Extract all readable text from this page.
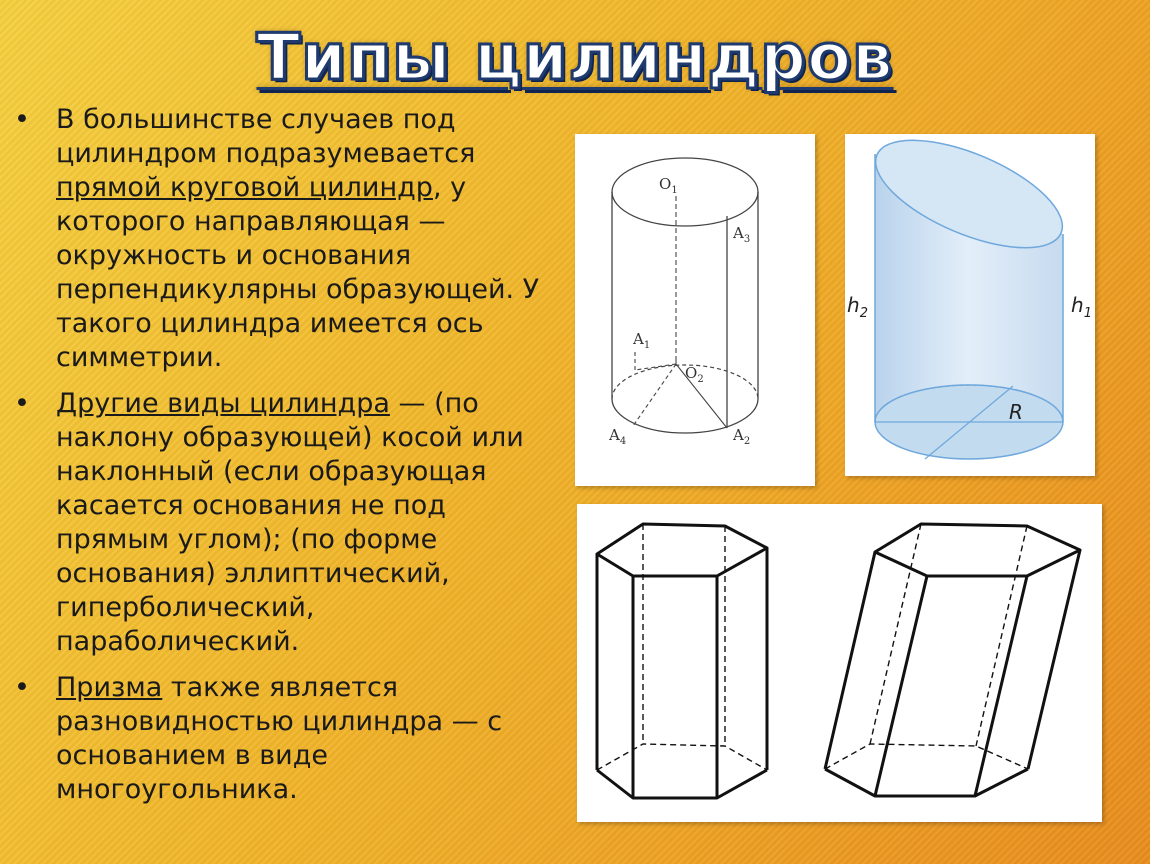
Типы цилиндров
• В большинстве случаев под цилиндром подразумевается прямой круговой цилиндр, у которого направляющая — окружность и основания перпендикулярны образующей. У такого цилиндра имеется ось симметрии.
• Другие виды цилиндра — (по наклону образующей) косой или наклонный (если образующая касается основания не под прямым углом); (по форме основания) эллиптический, гиперболический, параболический.
• Призма также является разновидностью цилиндра — с основанием в виде многоугольника.
$O_1$
$A_3$
$A_1$
$O_2$
$A_4$	$A_2$
$h_1$
$h_2$
R
